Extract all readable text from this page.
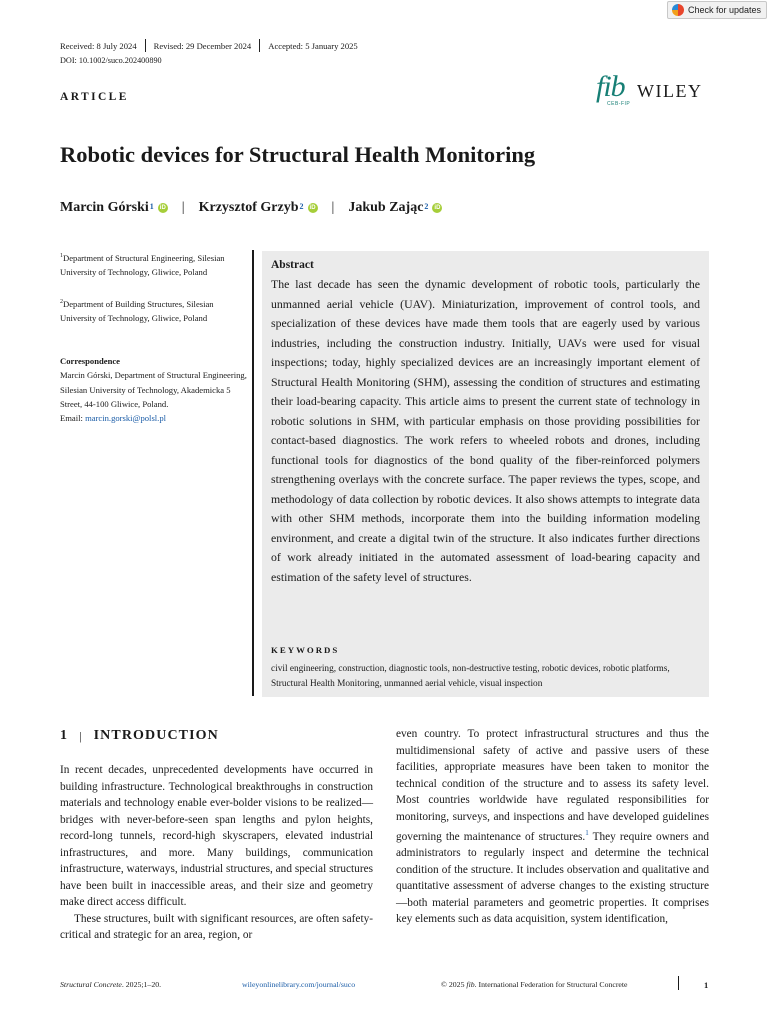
Check for updates
Received: 8 July 2024 Revised: 29 December 2024 Accepted: 5 January 2025
DOI: 10.1002/suco.202400890
ARTICLE	fib
CEB-FIP
WILEY
Robotic devices for Structural Health Monitoring
Marcin Górski$^1$	iD | Krzysztof Grzyb$^2$	iD | Jakub Zając$^2$	iD
$^1$Department of Structural Engineering, Silesian University of Technology, Gliwice, Poland
$^2$Department of Building Structures, Silesian University of Technology, Gliwice, Poland
Correspondence
Marcin Górski, Department of Structural Engineering, Silesian University of Technology, Akademicka 5 Street, 44-100 Gliwice, Poland.
Email: marcin.gorski@polsl.pl
Abstract

The last decade has seen the dynamic development of robotic tools, particularly the unmanned aerial vehicle (UAV). Miniaturization, improvement of control tools, and specialization of these devices have made them tools that are eagerly used by various industries, including the construction industry. Initially, UAVs were used for visual inspections; today, highly specialized devices are an increasingly important element of Structural Health Monitoring (SHM), assessing the condition of structures and estimating their load-bearing capacity. This article aims to present the current state of technology in robotic solutions in SHM, with particular emphasis on those providing possibilities for contact-based diagnostics. The work refers to wheeled robots and drones, including functional tools for diagnostics of the bond quality of the fiber-reinforced polymers strengthening overlays with the concrete surface. The paper reviews the types, scope, and methodology of data collection by robotic devices. It also shows attempts to integrate data with other SHM methods, incorporate them into the building information modeling environment, and create a digital twin of the structure. It also indicates further directions of work already initiated in the automated assessment of load-bearing capacity and estimation of the safety level of structures.

KEYWORDS
civil engineering, construction, diagnostic tools, non-destructive testing, robotic devices, robotic platforms, Structural Health Monitoring, unmanned aerial vehicle, visual inspection
1 | INTRODUCTION

In recent decades, unprecedented developments have occurred in building infrastructure. Technological breakthroughs in construction materials and technology enable ever-bolder visions to be realized—bridges with never-before-seen span lengths and pylon heights, record-long tunnels, record-high skyscrapers, elevated industrial infrastructures, and more. Many buildings, communication infrastructure, waterways, industrial structures, and special structures have been built in inaccessible areas, and their size and geometry make direct access difficult.

These structures, built with significant resources, are often safety-critical and strategic for an area, region, or

even country. To protect infrastructural structures and thus the multidimensional safety of active and passive users of these facilities, appropriate measures have been taken to monitor the technical condition of the structure and to assess its safety level. Most countries worldwide have regulated responsibilities for monitoring, surveys, and inspections and have developed guidelines governing the maintenance of structures.$^1$ They require owners and administrators to regularly inspect and determine the technical condition of the structure. It includes observation and qualitative and quantitative assessment of adverse changes to the existing structure—both material parameters and geometric properties. It comprises key elements such as data acquisition, system identification,

Structural Concrete. 2025;1–20.	wileyonlinelibrary.com/journal/suco	© 2025 fib. International Federation for Structural Concrete	1
